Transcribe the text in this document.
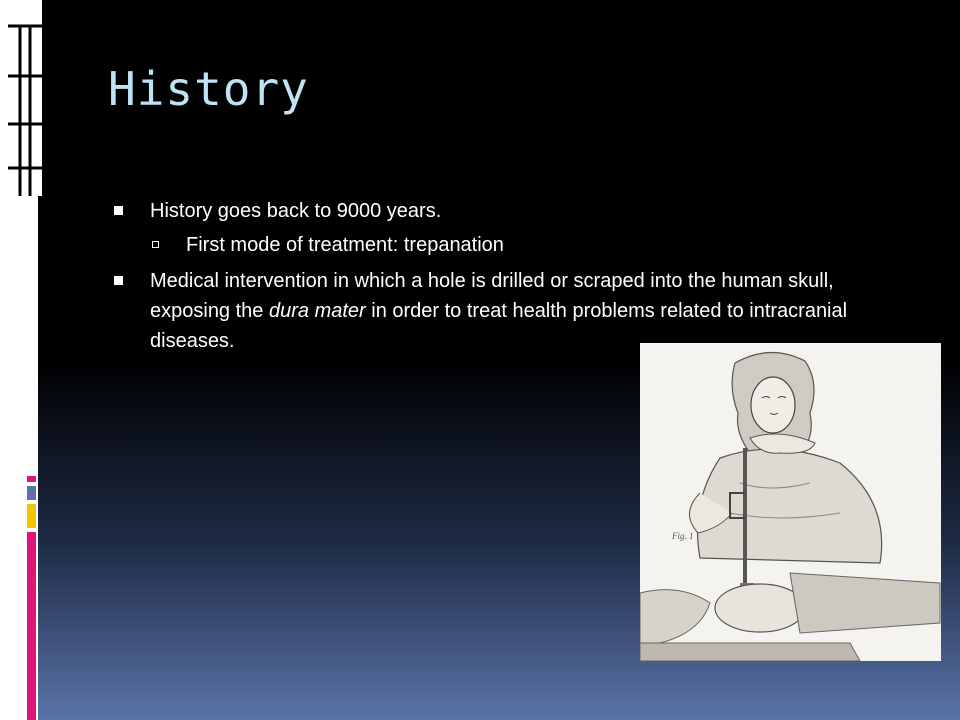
History
History goes back to 9000 years.
First mode of treatment: trepanation
Medical intervention in which a hole is drilled or scraped into the human skull, exposing the dura mater in order to treat health problems related to intracranial diseases.
Fig. 1
